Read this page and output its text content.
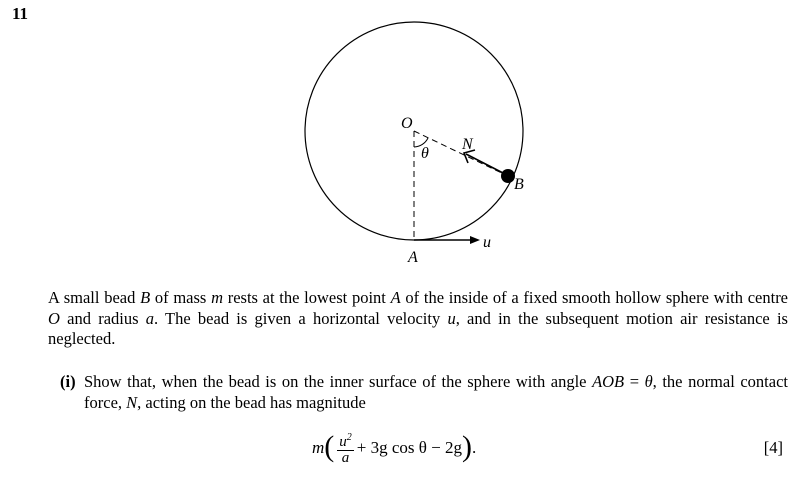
11
O
θ
N
B
A
u
A small bead B of mass m rests at the lowest point A of the inside of a fixed smooth hollow sphere with centre O and radius a. The bead is given a horizontal velocity u, and in the subsequent motion air resistance is neglected.
(i) Show that, when the bead is on the inner surface of the sphere with angle AOB = θ, the normal contact force, N, acting on the bead has magnitude
m ( $\frac{u^2}{a} + 3g$ cos θ − 2g ) .	[4]
